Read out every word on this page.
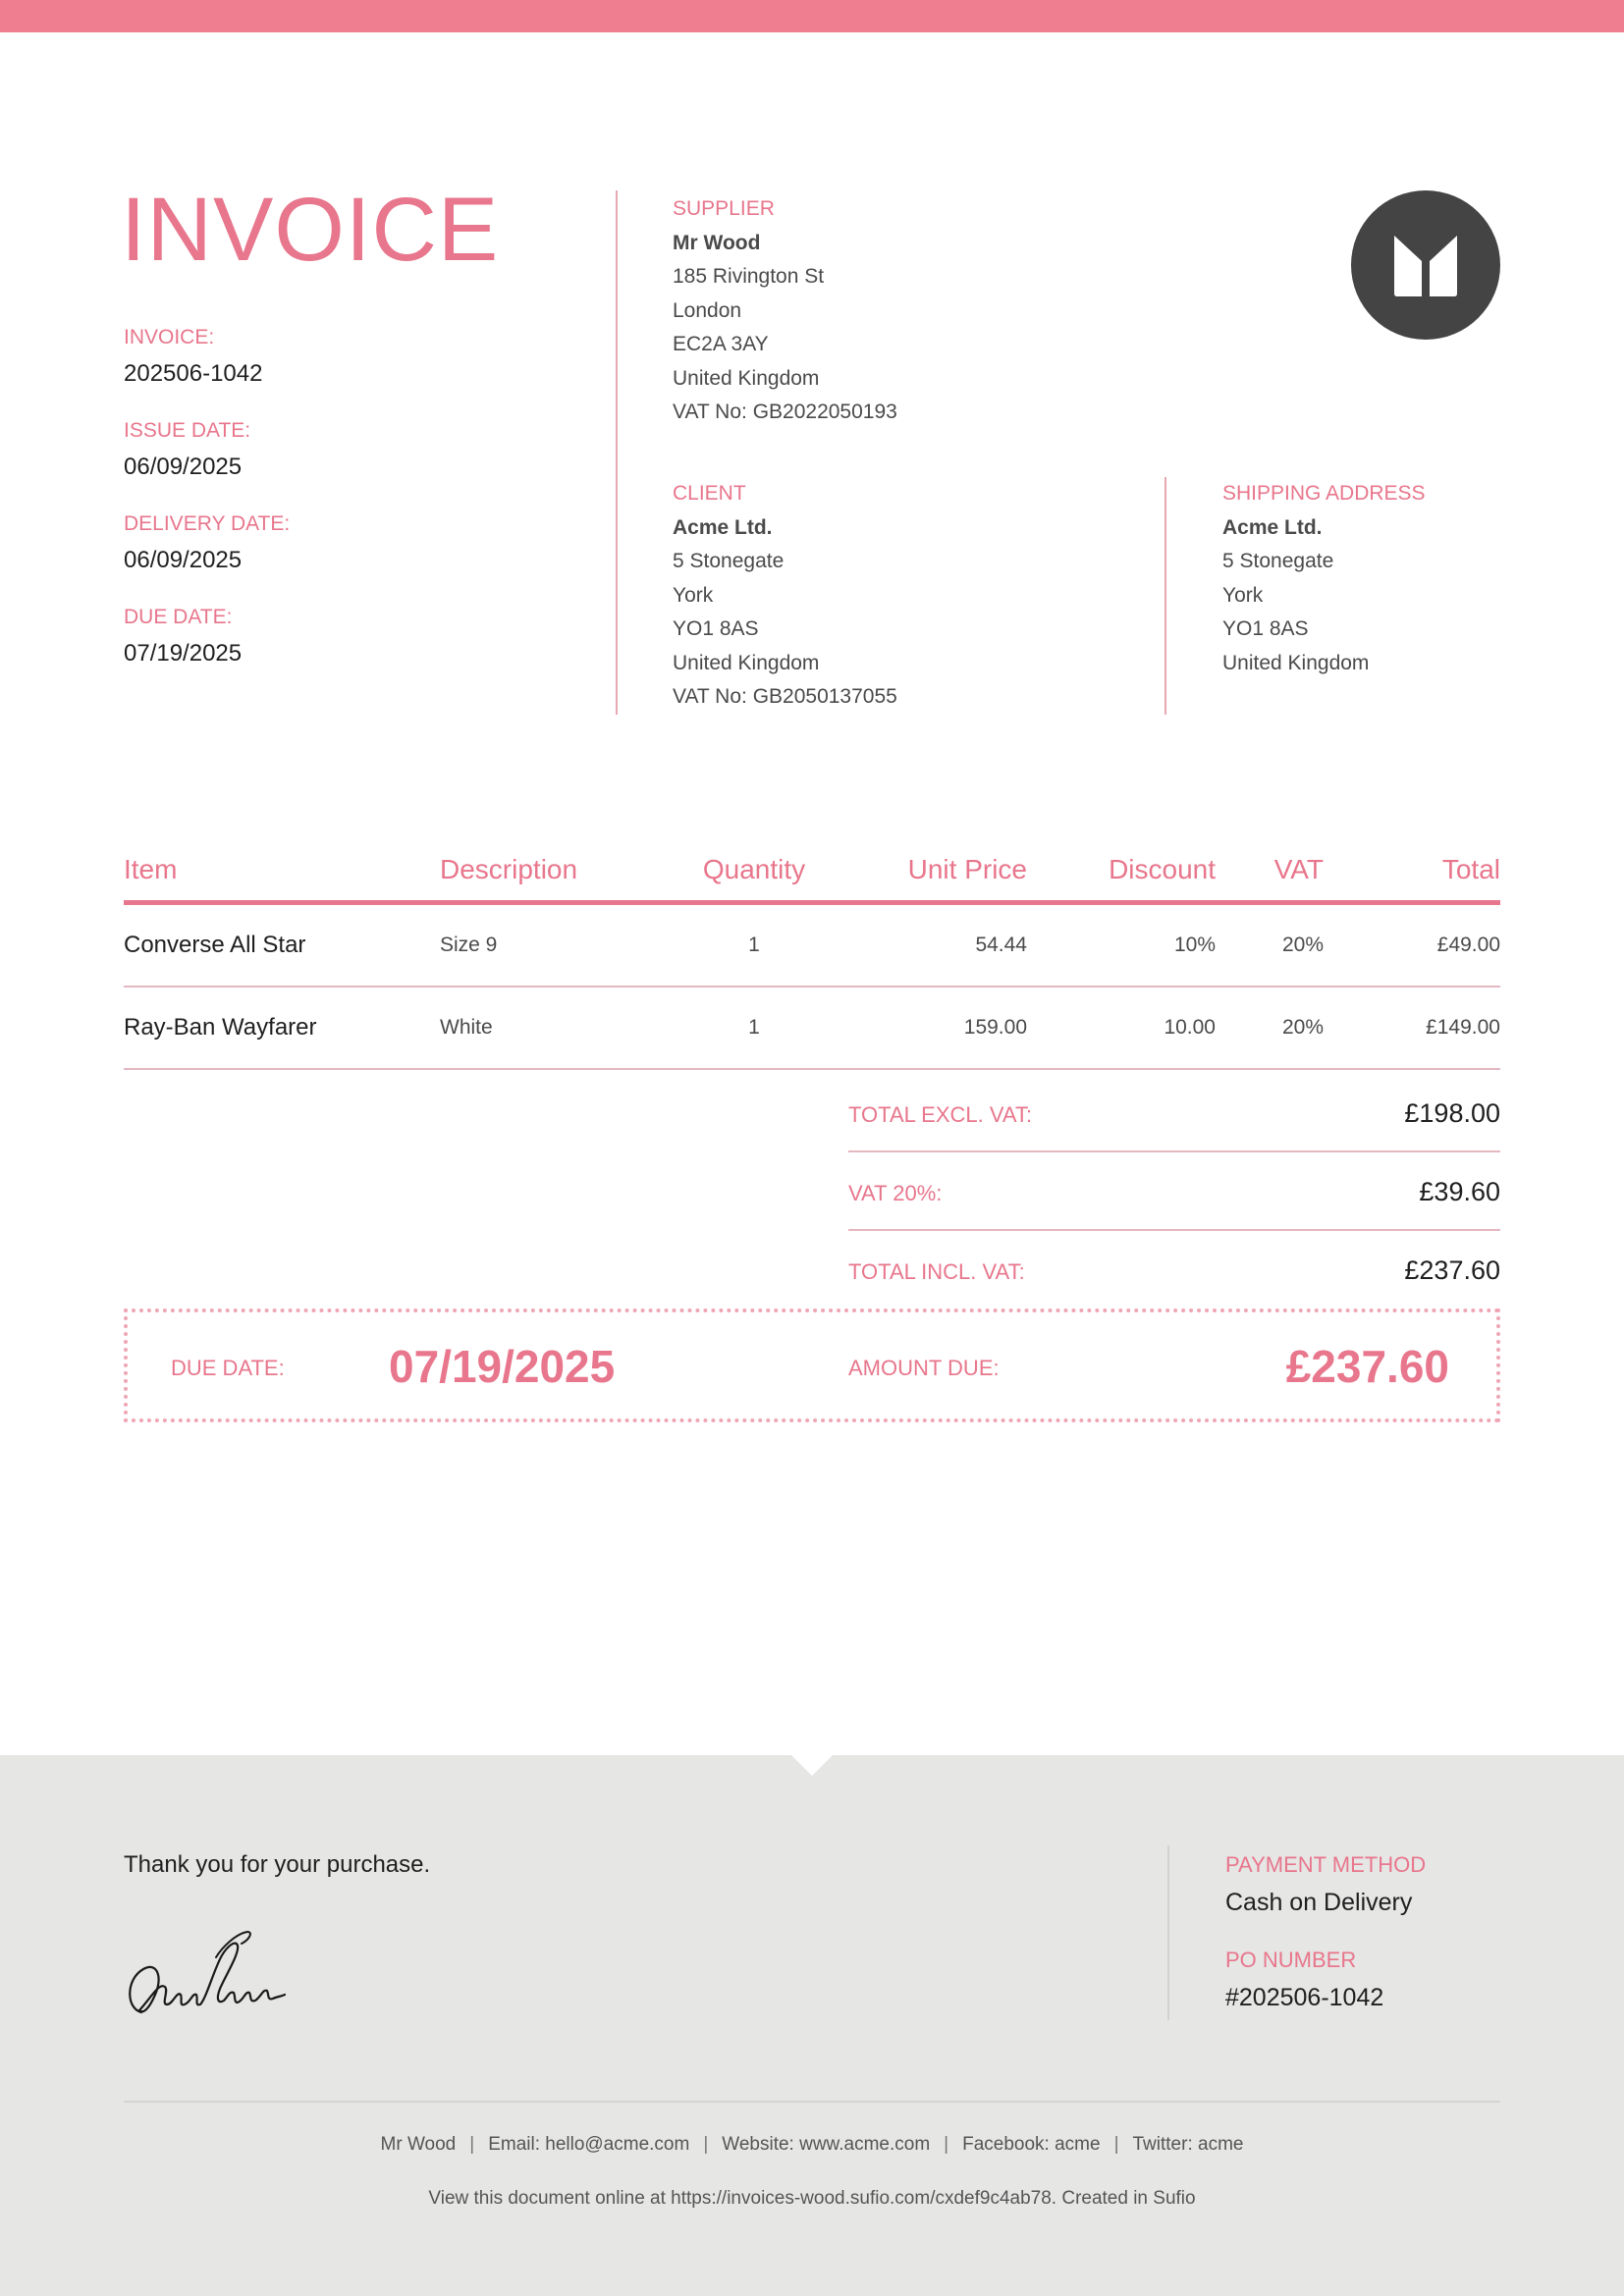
INVOICE
INVOICE:
202506-1042
ISSUE DATE:
06/09/2025
DELIVERY DATE:
06/09/2025
DUE DATE:
07/19/2025
SUPPLIER
Mr Wood
185 Rivington St
London
EC2A 3AY
United Kingdom
VAT No: GB2022050193
CLIENT
Acme Ltd.
5 Stonegate
York
YO1 8AS
United Kingdom
VAT No: GB2050137055
SHIPPING ADDRESS
Acme Ltd.
5 Stonegate
York
YO1 8AS
United Kingdom
Item	Description	Quantity	Unit Price	Discount	VAT	Total
Converse All Star	Size 9	1	54.44	10%	20%	£49.00
Ray-Ban Wayfarer	White	1	159.00	10.00	20%	£149.00
TOTAL EXCL. VAT:	£198.00
VAT 20%:	£39.60
TOTAL INCL. VAT:	£237.60
DUE DATE: 07/19/2025	AMOUNT DUE:	£237.60
Thank you for your purchase.	PAYMENT METHOD
Cash on Delivery
PO NUMBER
#202506-1042
Mr Wood | Email: hello@acme.com | Website: www.acme.com | Facebook: acme | Twitter: acme
View this document online at https://invoices-wood.sufio.com/cxdef9c4ab78. Created in Sufio
